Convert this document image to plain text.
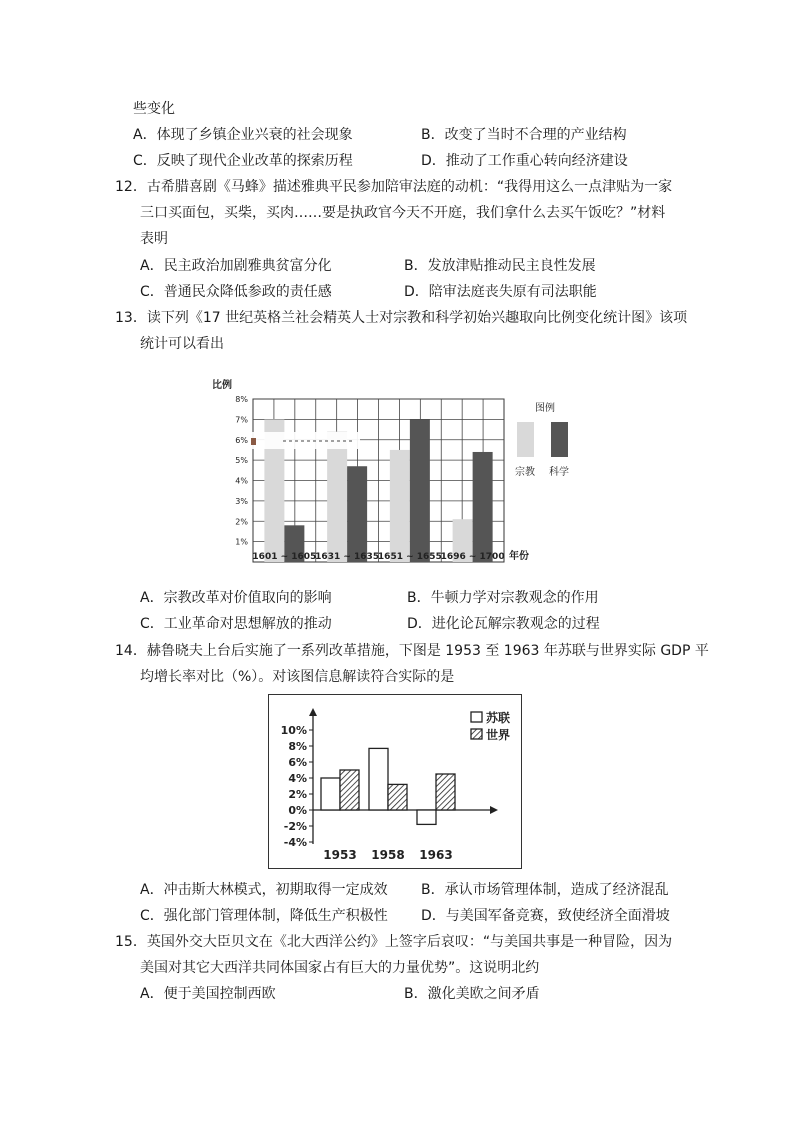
些变化
A．体现了乡镇企业兴衰的社会现象	B．改变了当时不合理的产业结构
C．反映了现代企业改革的探索历程	D．推动了工作重心转向经济建设
12．古希腊喜剧《马蜂》描述雅典平民参加陪审法庭的动机：“我得用这么一点津贴为一家
三口买面包，买柴，买肉……要是执政官今天不开庭，我们拿什么去买午饭吃？”材料
表明
A．民主政治加剧雅典贫富分化	B．发放津贴推动民主良性发展
C．普通民众降低参政的责任感	D．陪审法庭丧失原有司法职能
13．读下列《17 世纪英格兰社会精英人士对宗教和科学初始兴趣取向比例变化统计图》该项
统计可以看出
比例
1%
2%
3%
4%
5%
6%
7%
8%
1601 ~ 1605
1631 ~ 1635
1651 ~ 1655
1696 ~ 1700 年份
图例
宗教 科学
A．宗教改革对价值取向的影响	B．牛顿力学对宗教观念的作用
C．工业革命对思想解放的推动	D．进化论瓦解宗教观念的过程
14．赫鲁晓夫上台后实施了一系列改革措施，下图是 1953 至 1963 年苏联与世界实际 GDP 平
均增长率对比（%）。对该图信息解读符合实际的是
10%
8%
6%
4%
2%
0%
-2%
-4%
1953 1958 1963
苏联
世界
A．冲击斯大林模式，初期取得一定成效 B．承认市场管理体制，造成了经济混乱
C．强化部门管理体制，降低生产积极性 D．与美国军备竞赛，致使经济全面滑坡
15．英国外交大臣贝文在《北大西洋公约》上签字后哀叹：“与美国共事是一种冒险，因为
美国对其它大西洋共同体国家占有巨大的力量优势”。这说明北约
A．便于美国控制西欧	B．激化美欧之间矛盾
